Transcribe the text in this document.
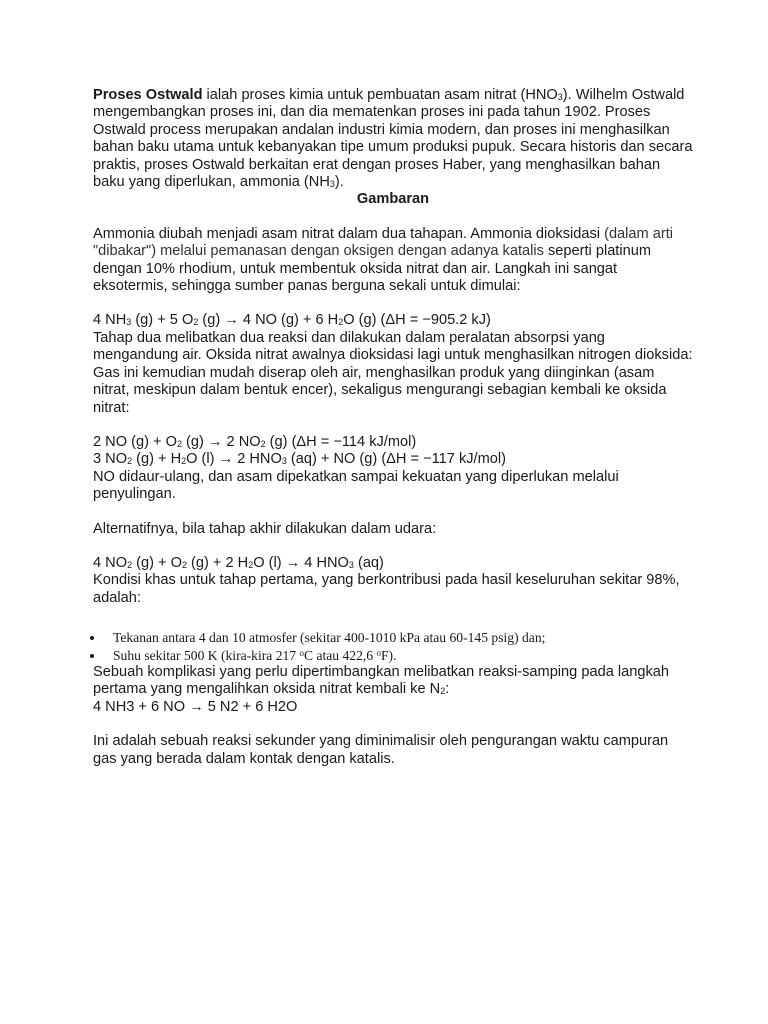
Proses Ostwald ialah proses kimia untuk pembuatan asam nitrat $(HNO_3)$. Wilhelm Ostwald mengembangkan proses ini, dan dia mematenkan proses ini pada tahun 1902. Proses Ostwald process merupakan andalan industri kimia modern, dan proses ini menghasilkan bahan baku utama untuk kebanyakan tipe umum produksi pupuk. Secara historis dan secara praktis, proses Ostwald berkaitan erat dengan proses Haber, yang menghasilkan bahan baku yang diperlukan, ammonia $(NH_3)$.

Gambaran

Ammonia diubah menjadi asam nitrat dalam dua tahapan. Ammonia dioksidasi (dalam arti "dibakar") melalui pemanasan dengan oksigen dengan adanya katalis seperti platinum dengan 10% rhodium, untuk membentuk oksida nitrat dan air. Langkah ini sangat eksotermis, sehingga sumber panas berguna sekali untuk dimulai:

4 $NH_3$ (g) + 5 $O_2$ (g) → 4 NO (g) + 6 $H_2O$ (g) (ΔH = −905.2 kJ)

Tahap dua melibatkan dua reaksi dan dilakukan dalam peralatan absorpsi yang mengandung air. Oksida nitrat awalnya dioksidasi lagi untuk menghasilkan nitrogen dioksida: Gas ini kemudian mudah diserap oleh air, menghasilkan produk yang diinginkan (asam nitrat, meskipun dalam bentuk encer), sekaligus mengurangi sebagian kembali ke oksida nitrat:

2 NO $(g) + O_2$ (g) → 2 $NO_2$ (g) (ΔH = −114 kJ/mol)

3 $NO_2$ $(g) + H_2O$ (l) → 2 $HNO_3$ (aq) + NO (g) (ΔH = −117 kJ/mol)

NO didaur-ulang, dan asam dipekatkan sampai kekuatan yang diperlukan melalui penyulingan.

Alternatifnya, bila tahap akhir dilakukan dalam udara:

4 $NO_2$ $(g) + O_2$ (g) + 2 $H_2O$ (l) → 4 $HNO_3$ (aq)

Kondisi khas untuk tahap pertama, yang berkontribusi pada hasil keseluruhan sekitar 98%, adalah:

Tekanan antara 4 dan 10 atmosfer (sekitar 400-1010 kPa atau 60-145 psig) dan;
Suhu sekitar 500 K (kira-kira 217 $^o$C atau 422,6 $^o$F).

Sebuah komplikasi yang perlu dipertimbangkan melibatkan reaksi-samping pada langkah pertama yang mengalihkan oksida nitrat kembali ke $N_2$:

4 NH3 + 6 NO → 5 N2 + 6 H2O

Ini adalah sebuah reaksi sekunder yang diminimalisir oleh pengurangan waktu campuran gas yang berada dalam kontak dengan katalis.
